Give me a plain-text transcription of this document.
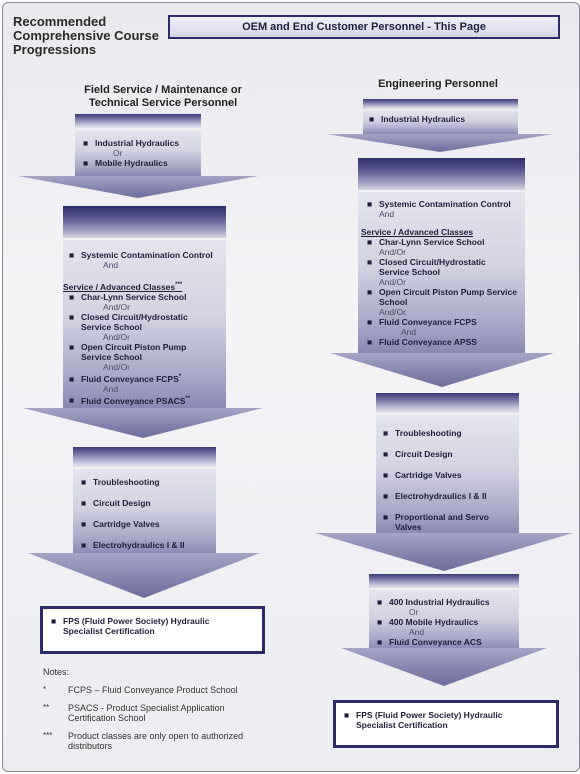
Recommended Comprehensive Course Progressions
OEM and End Customer Personnel - This Page
Field Service / Maintenance or
Technical Service Personnel
■ Industrial Hydraulics
Or
■ Mobile Hydraulics
■ Systemic Contamination Control
And
Service / Advanced Classes***
■ Char-Lynn Service School
And/Or
■ Closed Circuit/Hydrostatic
Service School
And/Or
■ Open Circuit Piston Pump
Service School
And/Or
■ Fluid Conveyance FCPS*
And
■ Fluid Conveyance PSACS**
■ Troubleshooting
■ Circuit Design
■ Cartridge Valves
■ Electrohydraulics I & II
■ FPS (Fluid Power Society) Hydraulic
Specialist Certification
Notes:
*	FCPS – Fluid Conveyance Product School
**	PSACS - Product Specialist Application
Certification School
***	Product classes are only open to authorized
distributors
Engineering Personnel
■ Industrial Hydraulics
■ Systemic Contamination Control
And
Service / Advanced Classes
■ Char-Lynn Service School
And/Or
■ Closed Circuit/Hydrostatic
Service School
And/Or
■ Open Circuit Piston Pump Service
School
And/Or
■ Fluid Conveyance FCPS
And
■ Fluid Conveyance APSS
■ Troubleshooting
■ Circuit Design
■ Cartridge Valves
■ Electrohydraulics I & II
■ Proportional and Servo
Valves
■ 400 Industrial Hydraulics
Or
■ 400 Mobile Hydraulics
And
■ Fluid Conveyance ACS
■ FPS (Fluid Power Society) Hydraulic
Specialist Certification
